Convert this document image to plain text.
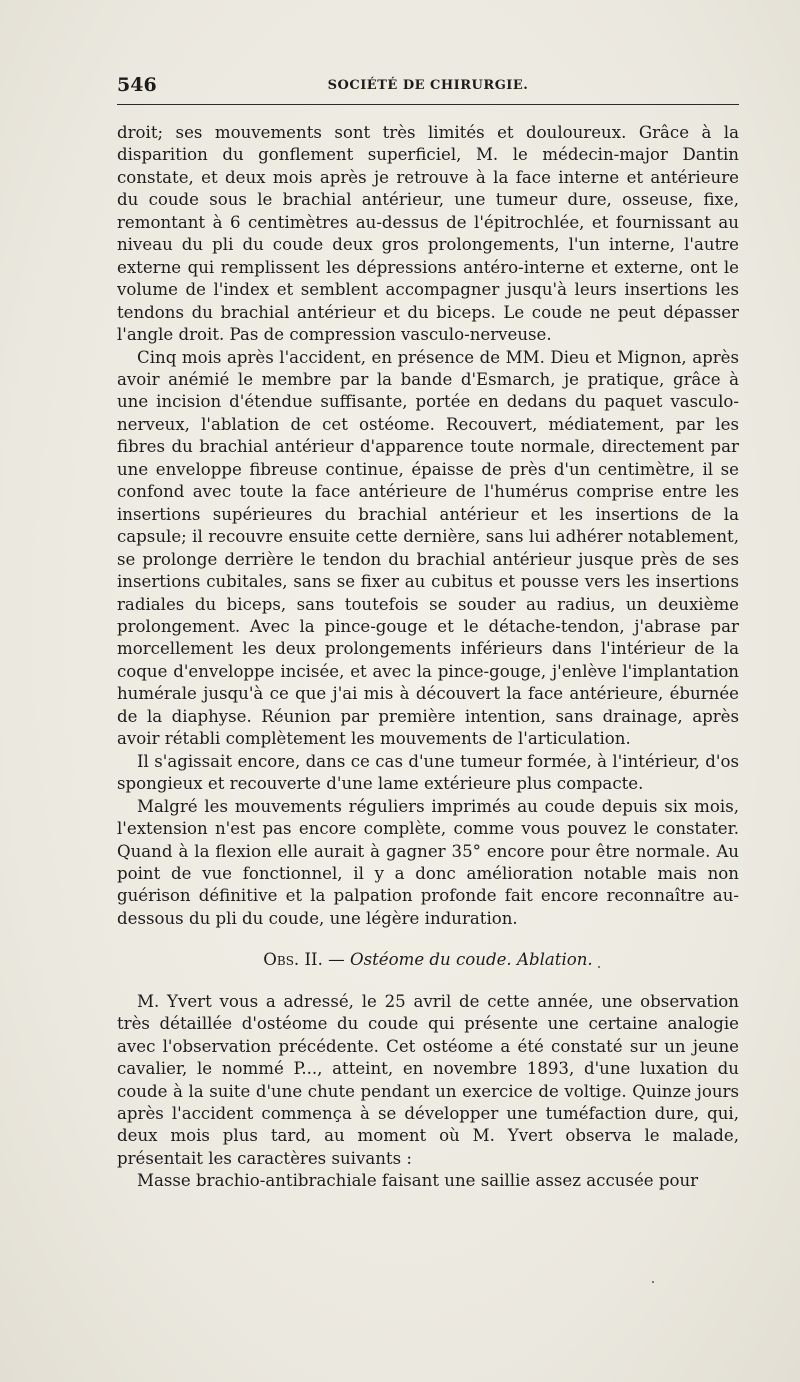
546	SOCIÉTÉ DE CHIRURGIE.

droit; ses mouvements sont très limités et douloureux. Grâce à la disparition du gonflement superficiel, M. le médecin-major Dantin constate, et deux mois après je retrouve à la face interne et antérieure du coude sous le brachial antérieur, une tumeur dure, osseuse, fixe, remontant à 6 centimètres au-dessus de l'épitrochlée, et fournissant au niveau du pli du coude deux gros prolongements, l'un interne, l'autre externe qui remplissent les dépressions antéro-interne et externe, ont le volume de l'index et semblent accompagner jusqu'à leurs insertions les tendons du brachial antérieur et du biceps. Le coude ne peut dépasser l'angle droit. Pas de compression vasculo-nerveuse.

Cinq mois après l'accident, en présence de MM. Dieu et Mignon, après avoir anémié le membre par la bande d'Esmarch, je pratique, grâce à une incision d'étendue suffisante, portée en dedans du paquet vasculo-nerveux, l'ablation de cet ostéome. Recouvert, médiatement, par les fibres du brachial antérieur d'apparence toute normale, directement par une enveloppe fibreuse continue, épaisse de près d'un centimètre, il se confond avec toute la face antérieure de l'humérus comprise entre les insertions supérieures du brachial antérieur et les insertions de la capsule; il recouvre ensuite cette dernière, sans lui adhérer notablement, se prolonge derrière le tendon du brachial antérieur jusque près de ses insertions cubitales, sans se fixer au cubitus et pousse vers les insertions radiales du biceps, sans toutefois se souder au radius, un deuxième prolongement. Avec la pince-gouge et le détache-tendon, j'abrase par morcellement les deux prolongements inférieurs dans l'intérieur de la coque d'enveloppe incisée, et avec la pince-gouge, j'enlève l'implantation humérale jusqu'à ce que j'ai mis à découvert la face antérieure, éburnée de la diaphyse. Réunion par première intention, sans drainage, après avoir rétabli complètement les mouvements de l'articulation.

Il s'agissait encore, dans ce cas d'une tumeur formée, à l'intérieur, d'os spongieux et recouverte d'une lame extérieure plus compacte.

Malgré les mouvements réguliers imprimés au coude depuis six mois, l'extension n'est pas encore complète, comme vous pouvez le constater. Quand à la flexion elle aurait à gagner 35° encore pour être normale. Au point de vue fonctionnel, il y a donc amélioration notable mais non guérison définitive et la palpation profonde fait encore reconnaître au-dessous du pli du coude, une légère induration.

Obs. II. — Ostéome du coude. Ablation.

M. Yvert vous a adressé, le 25 avril de cette année, une observation très détaillée d'ostéome du coude qui présente une certaine analogie avec l'observation précédente. Cet ostéome a été constaté sur un jeune cavalier, le nommé P..., atteint, en novembre 1893, d'une luxation du coude à la suite d'une chute pendant un exercice de voltige. Quinze jours après l'accident commença à se développer une tuméfaction dure, qui, deux mois plus tard, au moment où M. Yvert observa le malade, présentait les caractères suivants :

Masse brachio-antibrachiale faisant une saillie assez accusée pour
